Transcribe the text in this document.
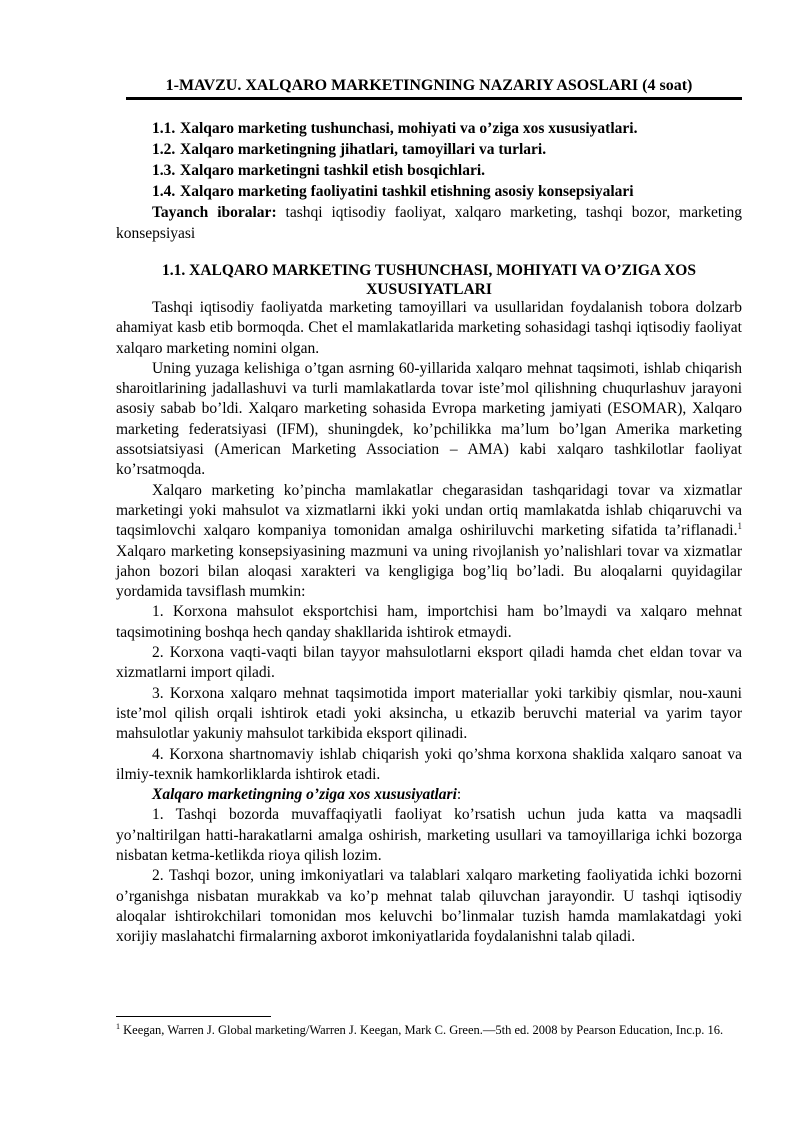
1-MAVZU. XALQARO MARKETINGNING NAZARIY ASOSLARI (4 soat)
1.1. Xalqaro marketing tushunchasi, mohiyati va o’ziga xos xususiyatlari.
1.2. Xalqaro marketingning jihatlari, tamoyillari va turlari.
1.3. Xalqaro marketingni tashkil etish bosqichlari.
1.4. Xalqaro marketing faoliyatini tashkil etishning asosiy konsepsiyalari
Tayanch iboralar: tashqi iqtisodiy faoliyat, xalqaro marketing, tashqi bozor, marketing konsepsiyasi
1.1. XALQARO MARKETING TUSHUNCHASI, MOHIYATI VA O’ZIGA XOS XUSUSIYATLARI

Tashqi iqtisodiy faoliyatda marketing tamoyillari va usullaridan foydalanish tobora dolzarb ahamiyat kasb etib bormoqda. Chet el mamlakatlarida marketing sohasidagi tashqi iqtisodiy faoliyat xalqaro marketing nomini olgan.

Uning yuzaga kelishiga o’tgan asrning 60-yillarida xalqaro mehnat taqsimoti, ishlab chiqarish sharoitlarining jadallashuvi va turli mamlakatlarda tovar iste’mol qilishning chuqurlashuv jarayoni asosiy sabab bo’ldi. Xalqaro marketing sohasida Evropa marketing jamiyati (ESOMAR), Xalqaro marketing federatsiyasi (IFM), shuningdek, ko’pchilikka ma’lum bo’lgan Amerika marketing assotsiatsiyasi (American Marketing Association – AMA) kabi xalqaro tashkilotlar faoliyat ko’rsatmoqda.

Xalqaro marketing ko’pincha mamlakatlar chegarasidan tashqaridagi tovar va xizmatlar marketingi yoki mahsulot va xizmatlarni ikki yoki undan ortiq mamlakatda ishlab chiqaruvchi va taqsimlovchi xalqaro kompaniya tomonidan amalga oshiriluvchi marketing sifatida ta’riflanadi.$^1$ Xalqaro marketing konsepsiyasining mazmuni va uning rivojlanish yo’nalishlari tovar va xizmatlar jahon bozori bilan aloqasi xarakteri va kengligiga bog’liq bo’ladi. Bu aloqalarni quyidagilar yordamida tavsiflash mumkin:

1. Korxona mahsulot eksportchisi ham, importchisi ham bo’lmaydi va xalqaro mehnat taqsimotining boshqa hech qanday shakllarida ishtirok etmaydi.

2. Korxona vaqti-vaqti bilan tayyor mahsulotlarni eksport qiladi hamda chet eldan tovar va xizmatlarni import qiladi.

3. Korxona xalqaro mehnat taqsimotida import materiallar yoki tarkibiy qismlar, nou-xauni iste’mol qilish orqali ishtirok etadi yoki aksincha, u etkazib beruvchi material va yarim tayor mahsulotlar yakuniy mahsulot tarkibida eksport qilinadi.

4. Korxona shartnomaviy ishlab chiqarish yoki qo’shma korxona shaklida xalqaro sanoat va ilmiy-texnik hamkorliklarda ishtirok etadi.

Xalqaro marketingning o’ziga xos xususiyatlari:

1. Tashqi bozorda muvaffaqiyatli faoliyat ko’rsatish uchun juda katta va maqsadli yo’naltirilgan hatti-harakatlarni amalga oshirish, marketing usullari va tamoyillariga ichki bozorga nisbatan ketma-ketlikda rioya qilish lozim.

2. Tashqi bozor, uning imkoniyatlari va talablari xalqaro marketing faoliyatida ichki bozorni o’rganishga nisbatan murakkab va ko’p mehnat talab qiluvchan jarayondir. U tashqi iqtisodiy aloqalar ishtirokchilari tomonidan mos keluvchi bo’linmalar tuzish hamda mamlakatdagi yoki xorijiy maslahatchi firmalarning axborot imkoniyatlarida foydalanishni talab qiladi.

$^1$ Keegan, Warren J. Global marketing/Warren J. Keegan, Mark C. Green.—5th ed. 2008 by Pearson Education, Inc.p. 16.
